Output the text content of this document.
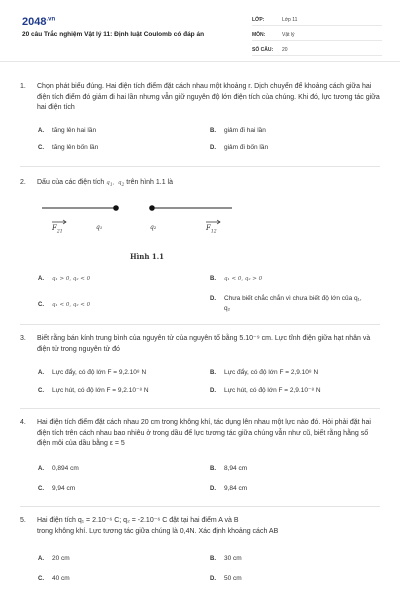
$2048^{.vn}$
20 câu Trắc nghiệm Vật lý 11: Định luật Coulomb có đáp án
LỚP:	Lớp 11
MÔN:	Vật lý
SỐ CÂU:	20
1.	Chọn phát biểu đúng. Hai điện tích điểm đặt cách nhau một khoảng r. Dịch chuyển để khoảng cách giữa hai điện tích điểm đó giảm đi hai lần nhưng vẫn giữ nguyên độ lớn điện tích của chúng. Khi đó, lực tương tác giữa hai điện tích
A. tăng lên hai lần	B. giảm đi hai lần
C. tăng lên bốn lần	D. giảm đi bốn lần
2.	Dấu của các điện tích $q_1$,  $q_2$ trên hình 1.1 là
$F_{21}$
q₁	q₂	$F_{12}$
Hình 1.1
A. q₁ > 0, q₂ < 0	B. q₁ < 0, q₂ > 0
C. q₁ < 0, q₂ < 0
D. Chưa biết chắc chắn vì chưa biết độ lớn của q₁, q₂
3.	Biết rằng bán kính trung bình của nguyên tử của nguyên tố bằng 5.10⁻⁹ cm. Lực tĩnh điện giữa hạt nhân và điện tử trong nguyên tử đó
A. Lực đẩy, có độ lớn F = 9,2.10⁸ N	B. Lực đẩy, có độ lớn F = 2,9.10⁸ N
C. Lực hút, có độ lớn F = 9,2.10⁻⁸ N	D. Lực hút, có độ lớn F = 2,9.10⁻⁸ N
4.	Hai điện tích điểm đặt cách nhau 20 cm trong không khí, tác dụng lên nhau một lực nào đó. Hỏi phải đặt hai điện tích trên cách nhau bao nhiêu ở trong dầu để lực tương tác giữa chúng vẫn như cũ, biết rằng hằng số điện môi của dầu bằng ε = 5
A. 0,894 cm	B. 8,94 cm
C. 9,94 cm	D. 9,84 cm
5.	Hai điện tích q₁ = 2.10⁻⁶ C; q₂ = -2.10⁻⁶ C đặt tại hai điểm A và B
trong không khí. Lực tương tác giữa chúng là 0,4N. Xác định khoảng cách AB
A. 20 cm	B. 30 cm
C. 40 cm	D. 50 cm
